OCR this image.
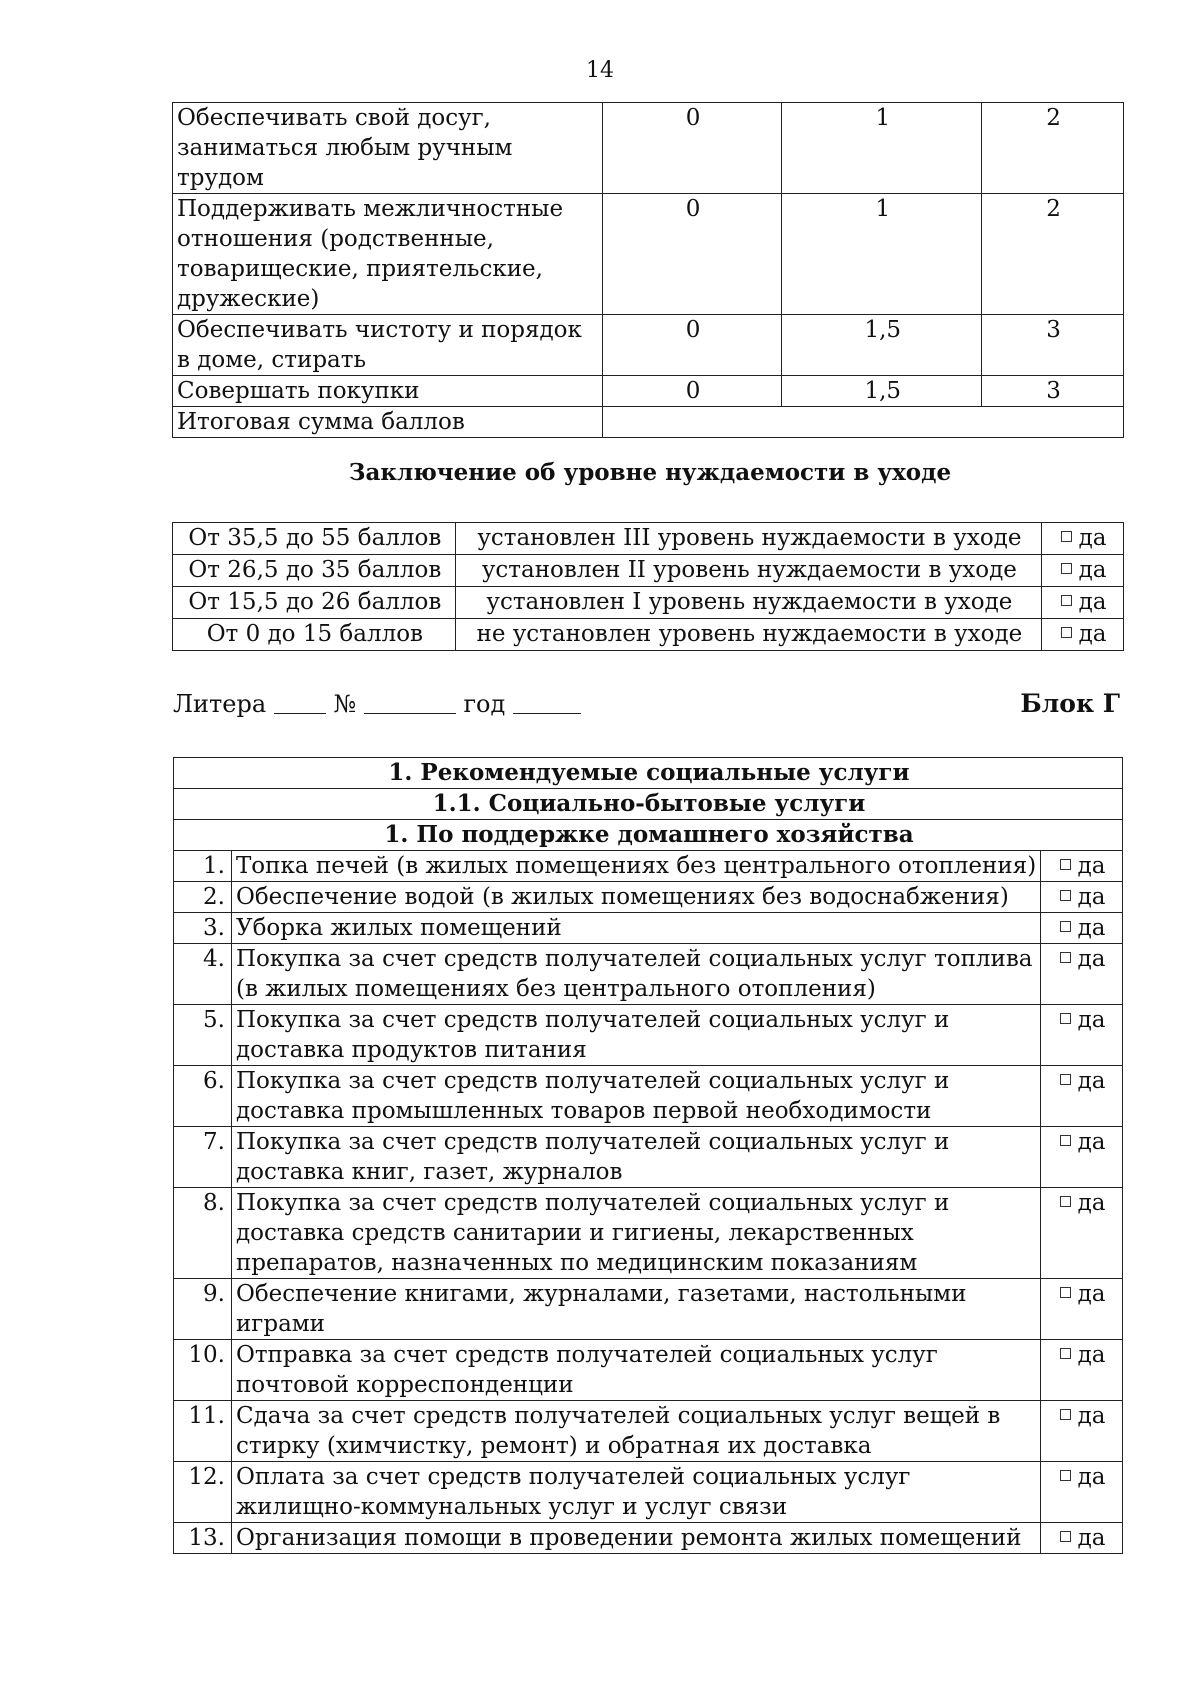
14
Обеспечивать свой досуг, заниматься любым ручным трудом	0	1	2
Поддерживать межличностные отношения (родственные, товарищеские, приятельские, дружеские)	0	1	2
Обеспечивать чистоту и порядок в доме, стирать	0	1,5	3
Совершать покупки	0	1,5	3
Итоговая сумма баллов			
Заключение об уровне нуждаемости в уходе
От 35,5 до 55 баллов	установлен III уровень нуждаемости в уходе	да
От 26,5 до 35 баллов	установлен II уровень нуждаемости в уходе	да
От 15,5 до 26 баллов	установлен I уровень нуждаемости в уходе	да
От 0 до 15 баллов	не установлен уровень нуждаемости в уходе	да
Литера	№	год	Блок Г
1. Рекомендуемые социальные услуги		
1.1. Социально-бытовые услуги		
1. По поддержке домашнего хозяйства		
1.	Топка печей (в жилых помещениях без центрального отопления)	да
2.	Обеспечение водой (в жилых помещениях без водоснабжения)	да
3.	Уборка жилых помещений	да
4.	Покупка за счет средств получателей социальных услуг топлива (в жилых помещениях без центрального отопления)	да
5.	Покупка за счет средств получателей социальных услуг и доставка продуктов питания	да
6.	Покупка за счет средств получателей социальных услуг и доставка промышленных товаров первой необходимости	да
7.	Покупка за счет средств получателей социальных услуг и доставка книг, газет, журналов	да
8.	Покупка за счет средств получателей социальных услуг и доставка средств санитарии и гигиены, лекарственных препаратов, назначенных по медицинским показаниям	да
9.	Обеспечение книгами, журналами, газетами, настольными играми	да
10.	Отправка за счет средств получателей социальных услуг почтовой корреспонденции	да
11.	Сдача за счет средств получателей социальных услуг вещей в стирку (химчистку, ремонт) и обратная их доставка	да
12.	Оплата за счет средств получателей социальных услуг жилищно-коммунальных услуг и услуг связи	да
13.	Организация помощи в проведении ремонта жилых помещений	да
